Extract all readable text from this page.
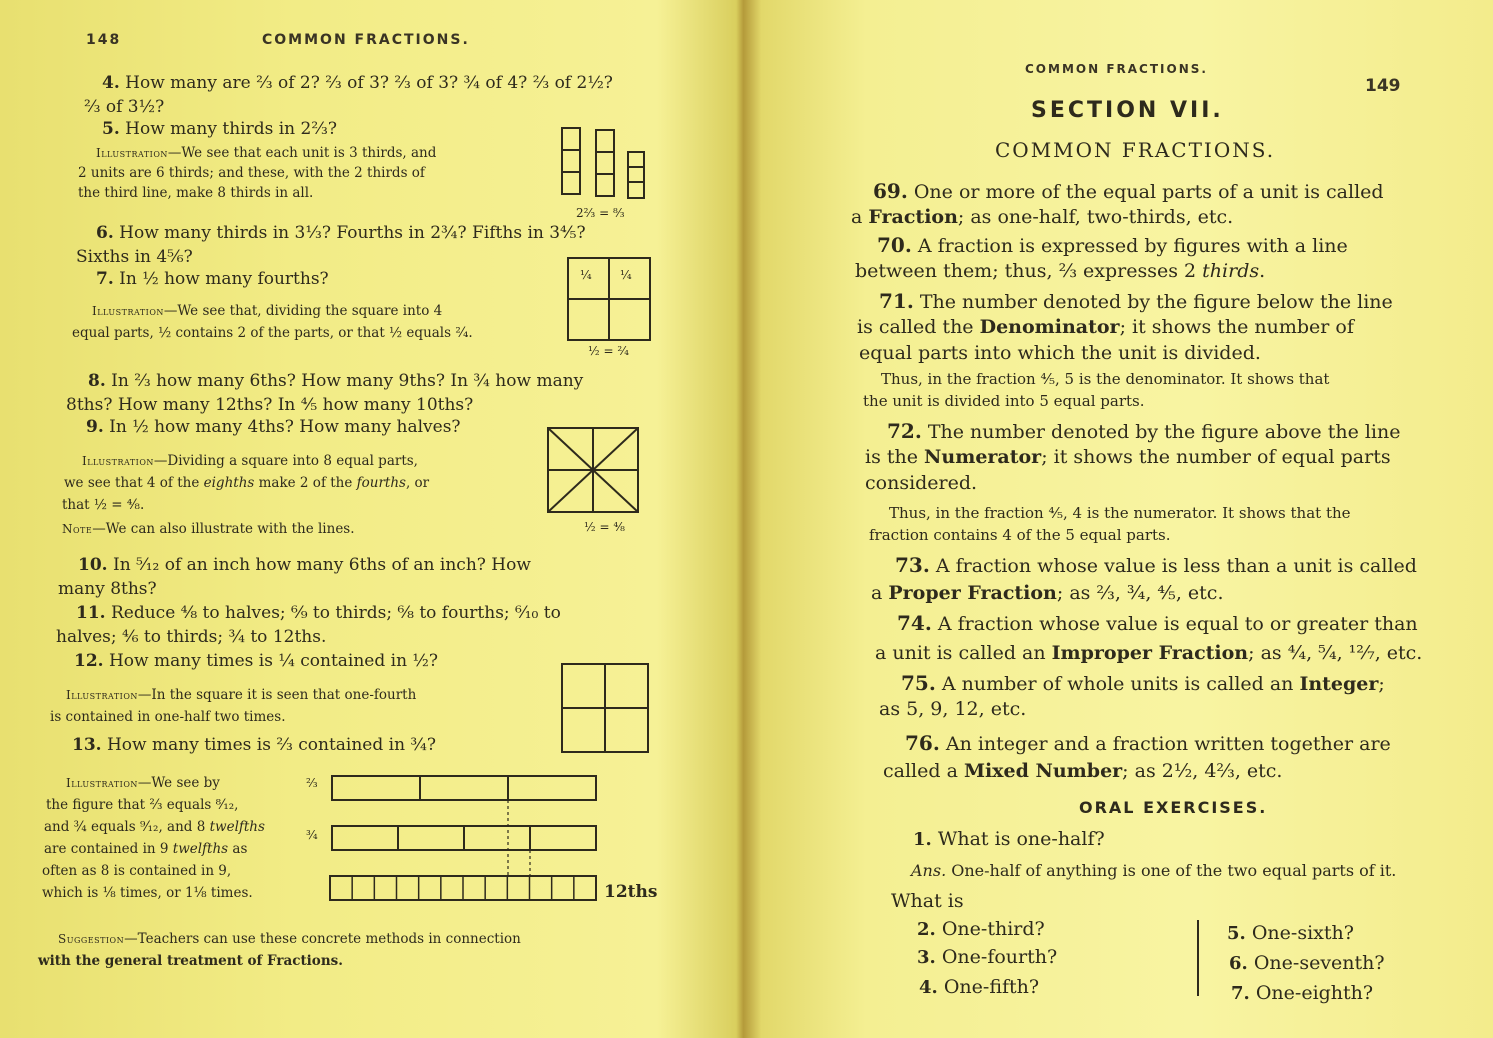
148	COMMON FRACTIONS.
4. How many are ⅔ of 2? ⅔ of 3? ⅔ of 3? ¾ of 4? ⅔ of 2½?
⅔ of 3½?
5. How many thirds in 2⅔?
Illustration—We see that each unit is 3 thirds, and
2 units are 6 thirds; and these, with the 2 thirds of
the third line, make 8 thirds in all.
2⅔ = ⁸⁄₃
6. How many thirds in 3⅓? Fourths in 2¾? Fifths in 3⅘?
Sixths in 4⅚?
7. In ½ how many fourths?
Illustration—We see that, dividing the square into 4
equal parts, ½ contains 2 of the parts, or that ½ equals ²⁄₄.
¼ ¼
½ = ²⁄₄
8. In ⅔ how many 6ths? How many 9ths? In ¾ how many
8ths? How many 12ths? In ⅘ how many 10ths?
9. In ½ how many 4ths? How many halves?
Illustration—Dividing a square into 8 equal parts,
we see that 4 of the eighths make 2 of the fourths, or
that ½ = ⁴⁄₈.
Note—We can also illustrate with the lines.	½ = ⁴⁄₈
10. In ⁵⁄₁₂ of an inch how many 6ths of an inch? How
many 8ths?
11. Reduce ⁴⁄₈ to halves; ⁶⁄₉ to thirds; ⁶⁄₈ to fourths; ⁶⁄₁₀ to
halves; ⁴⁄₆ to thirds; ¾ to 12ths.
12. How many times is ¼ contained in ½?
Illustration—In the square it is seen that one-fourth
is contained in one-half two times.
13. How many times is ⅔ contained in ¾?
Illustration—We see by
the figure that ⅔ equals ⁸⁄₁₂,
and ¾ equals ⁹⁄₁₂, and 8 twelfths
are contained in 9 twelfths as
often as 8 is contained in 9,
which is ⅛ times, or 1⅛ times.
⅔
¾
12ths
Suggestion—Teachers can use these concrete methods in connection
with the general treatment of Fractions.
COMMON FRACTIONS.
149
SECTION VII.
COMMON FRACTIONS.
69. One or more of the equal parts of a unit is called
a Fraction; as one-half, two-thirds, etc.
70. A fraction is expressed by figures with a line
between them; thus, ⅔ expresses 2 thirds.
71. The number denoted by the figure below the line
is called the Denominator; it shows the number of
equal parts into which the unit is divided.
Thus, in the fraction ⅘, 5 is the denominator. It shows that
the unit is divided into 5 equal parts.
72. The number denoted by the figure above the line
is the Numerator; it shows the number of equal parts
considered.
Thus, in the fraction ⅘, 4 is the numerator. It shows that the
fraction contains 4 of the 5 equal parts.
73. A fraction whose value is less than a unit is called
a Proper Fraction; as ⅔, ¾, ⅘, etc.
74. A fraction whose value is equal to or greater than
a unit is called an Improper Fraction; as ⁴⁄₄, ⁵⁄₄, ¹²⁄₇, etc.
75. A number of whole units is called an Integer;
as 5, 9, 12, etc.
76. An integer and a fraction written together are
called a Mixed Number; as 2½, 4⅔, etc.
ORAL EXERCISES.
1. What is one-half?
Ans. One-half of anything is one of the two equal parts of it.
What is
2. One-third?
3. One-fourth?
4. One-fifth?
5. One-sixth?
6. One-seventh?
7. One-eighth?
